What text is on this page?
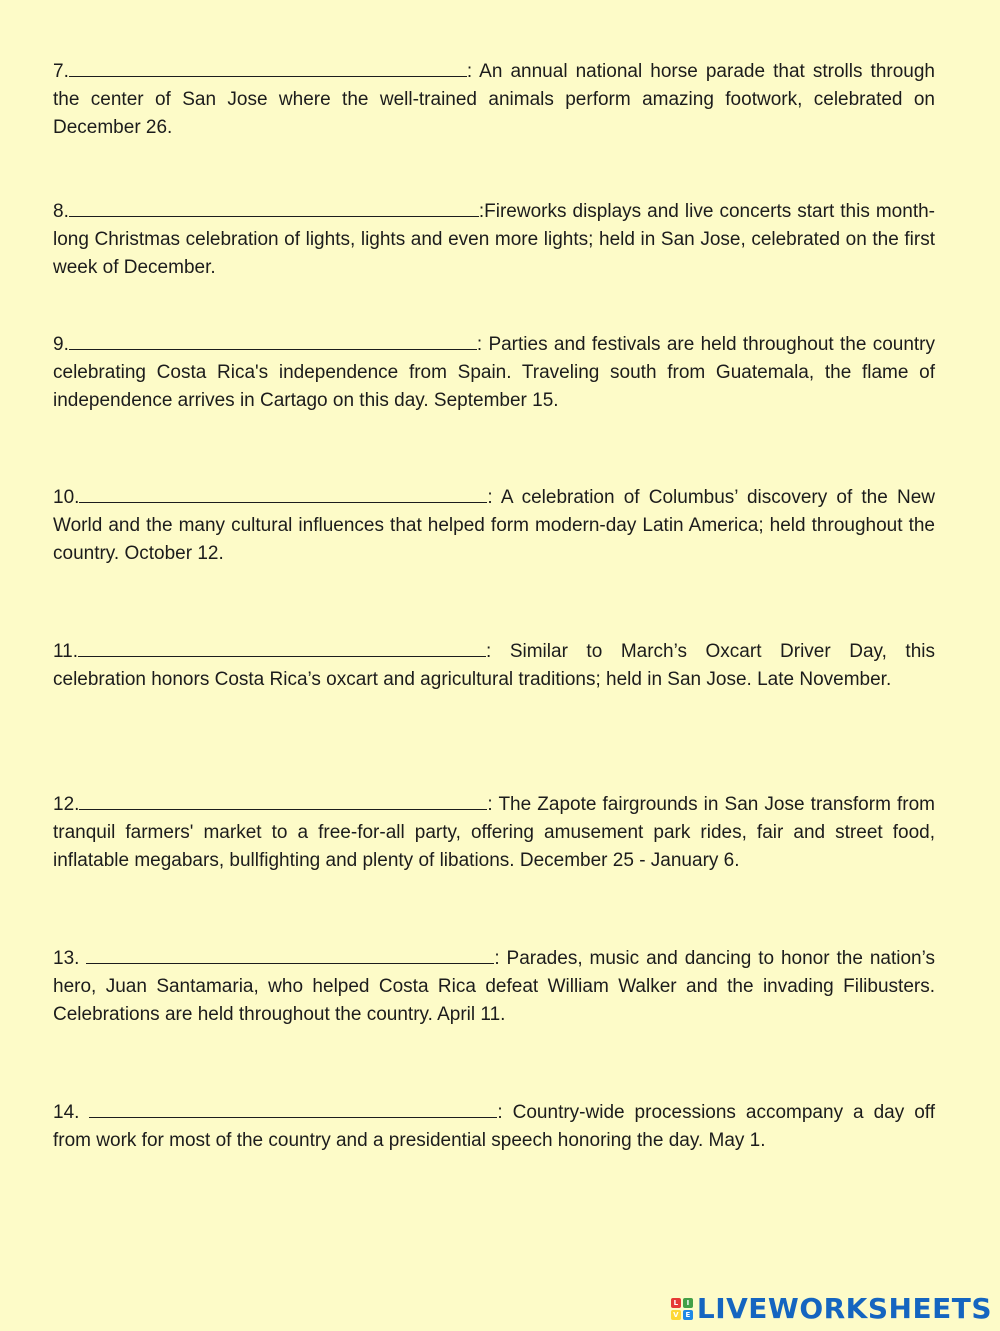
7.	: An annual national horse parade that strolls through the center of San Jose where the well-trained animals perform amazing footwork, celebrated on December 26.
8.	:Fireworks displays and live concerts start this month-long Christmas celebration of lights, lights and even more lights; held in San Jose, celebrated on the first week of December.
9.	: Parties and festivals are held throughout the country celebrating Costa Rica's independence from Spain. Traveling south from Guatemala, the flame of independence arrives in Cartago on this day. September 15.
10.	: A celebration of Columbus’ discovery of the New World and the many cultural influences that helped form modern-day Latin America; held throughout the country. October 12.
11.	: Similar to March’s Oxcart Driver Day, this celebration honors Costa Rica’s oxcart and agricultural traditions; held in San Jose. Late November.
12.	: The Zapote fairgrounds in San Jose transform from tranquil farmers' market to a free-for-all party, offering amusement park rides, fair and street food, inflatable megabars, bullfighting and plenty of libations. December 25 - January 6.
13.	: Parades, music and dancing to honor the nation’s hero, Juan Santamaria, who helped Costa Rica defeat William Walker and the invading Filibusters. Celebrations are held throughout the country. April 11.
14.	: Country-wide processions accompany a day off from work for most of the country and a presidential speech honoring the day. May 1.
L	I
V E LIVEWORKSHEETS
